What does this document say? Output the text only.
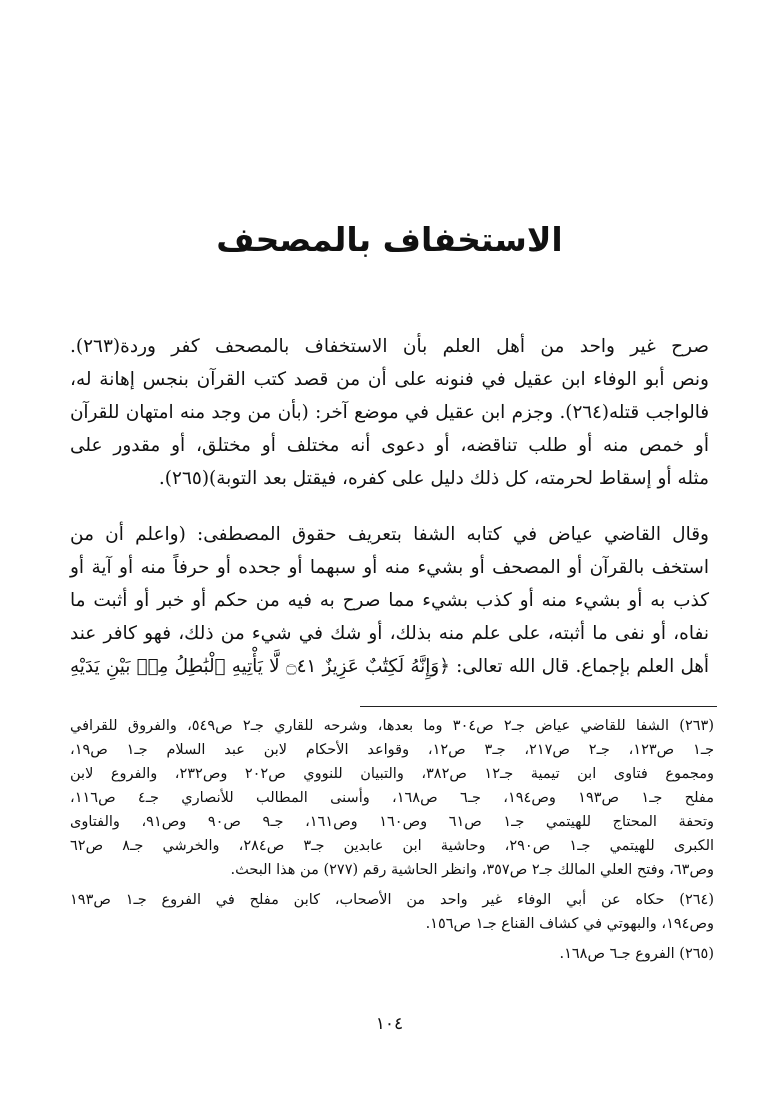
الاستخفاف بالمصحف
صرح غير واحد من أهل العلم بأن الاستخفاف بالمصحف كفر وردة(٢٦٣).
ونص أبو الوفاء ابن عقيل في فنونه على أن من قصد كتب القرآن بنجس إهانة له،
فالواجب قتله(٢٦٤). وجزم ابن عقيل في موضع آخر: (بأن من وجد منه امتهان للقرآن
أو خمص منه أو طلب تناقضه، أو دعوى أنه مختلف أو مختلق، أو مقدور على
مثله أو إسقاط لحرمته، كل ذلك دليل على كفره، فيقتل بعد التوبة)(٢٦٥).
وقال القاضي عياض في كتابه الشفا بتعريف حقوق المصطفى: (واعلم أن من
استخف بالقرآن أو المصحف أو بشيء منه أو سبهما أو جحده أو حرفاً منه أو آية أو
كذب به أو بشيء منه أو كذب بشيء مما صرح به فيه من حكم أو خبر أو أثبت ما
نفاه، أو نفى ما أثبته، على علم منه بذلك، أو شك في شيء من ذلك، فهو كافر عند
أهل العلم بإجماع. قال الله تعالى: ﴿وَإِنَّهُ لَكِتَٰبٌ عَزِيزٌ ۝٤١ لَّا يَأْتِيهِ ٱلْبَٰطِلُ مِنۢ بَيْنِ يَدَيْهِ
(٢٦٣) الشفا للقاضي عياض جـ٢ ص٣٠٤ وما بعدها، وشرحه للقاري جـ٢ ص٥٤٩، والفروق للقرافي
جـ١ ص١٢٣، جـ٢ ص٢١٧، جـ٣ ص١٢، وقواعد الأحكام لابن عبد السلام جـ١ ص١٩،
ومجموع فتاوى ابن تيمية جـ١٢ ص٣٨٢، والتبيان للنووي ص٢٠٢ وص٢٣٢، والفروع لابن
مفلح جـ١ ص١٩٣ وص١٩٤، جـ٦ ص١٦٨، وأسنى المطالب للأنصاري جـ٤ ص١١٦،
وتحفة المحتاج للهيتمي جـ١ ص٦١ وص١٦٠ وص١٦١، جـ٩ ص٩٠ وص٩١، والفتاوى
الكبرى للهيتمي جـ١ ص٢٩٠، وحاشية ابن عابدين جـ٣ ص٢٨٤، والخرشي جـ٨ ص٦٢
وص٦٣، وفتح العلي المالك جـ٢ ص٣٥٧، وانظر الحاشية رقم (٢٧٧) من هذا البحث.
(٢٦٤) حكاه عن أبي الوفاء غير واحد من الأصحاب، كابن مفلح في الفروع جـ١ ص١٩٣
وص١٩٤، والبهوتي في كشاف القناع جـ١ ص١٥٦.
(٢٦٥) الفروع جـ٦ ص١٦٨.
١٠٤
